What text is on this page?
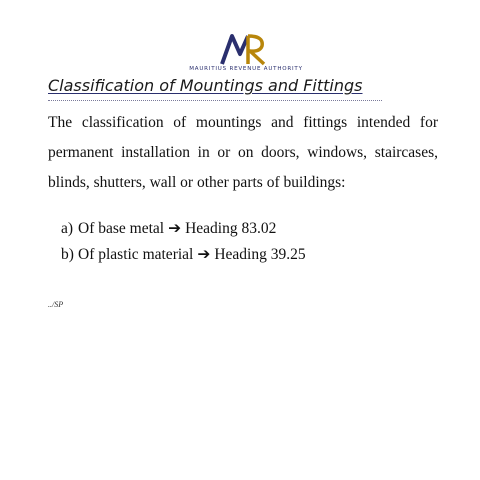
MAURITIUS REVENUE AUTHORITY
Classification of Mountings and Fittings
The classification of mountings and fittings intended for permanent installation in or on doors, windows, staircases, blinds, shutters, wall or other parts of buildings:
a) Of base metal ➔ Heading 83.02
b) Of plastic material ➔ Heading 39.25
../SP
